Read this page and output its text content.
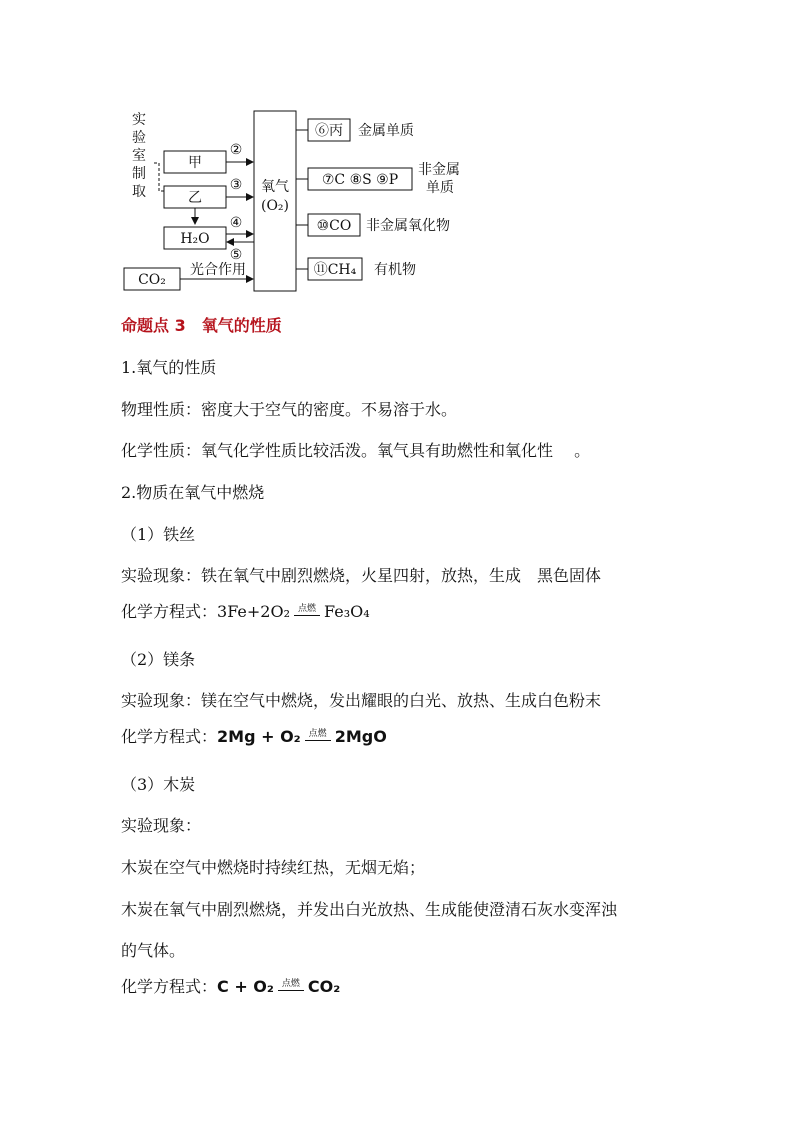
实
验
室
制
取
甲
乙
H₂O
CO₂
氧气
(O₂)
②
③
④
⑤
光合作用
⑥丙 金属单质
⑦C ⑧S ⑨P
非金属
单质
⑩CO 非金属氧化物
⑪CH₄ 有机物
命题点 3　氧气的性质
1.氧气的性质
物理性质：密度大于空气的密度。不易溶于水。
化学性质：氧气化学性质比较活泼。氧气具有助燃性和氧化性　 。
2.物质在氧气中燃烧
（1）铁丝
实验现象：铁在氧气中剧烈燃烧，火星四射，放热，生成　黑色固体
化学方程式： 3Fe+2O₂ 点燃 Fe₃O₄
（2）镁条
实验现象：镁在空气中燃烧，发出耀眼的白光、放热、生成白色粉末
化学方程式： 2Mg + O₂ 点燃 2MgO
（3）木炭
实验现象：
木炭在空气中燃烧时持续红热，无烟无焰；
木炭在氧气中剧烈燃烧，并发出白光放热、生成能使澄清石灰水变浑浊
的气体。
化学方程式： C + O₂ 点燃 CO₂
